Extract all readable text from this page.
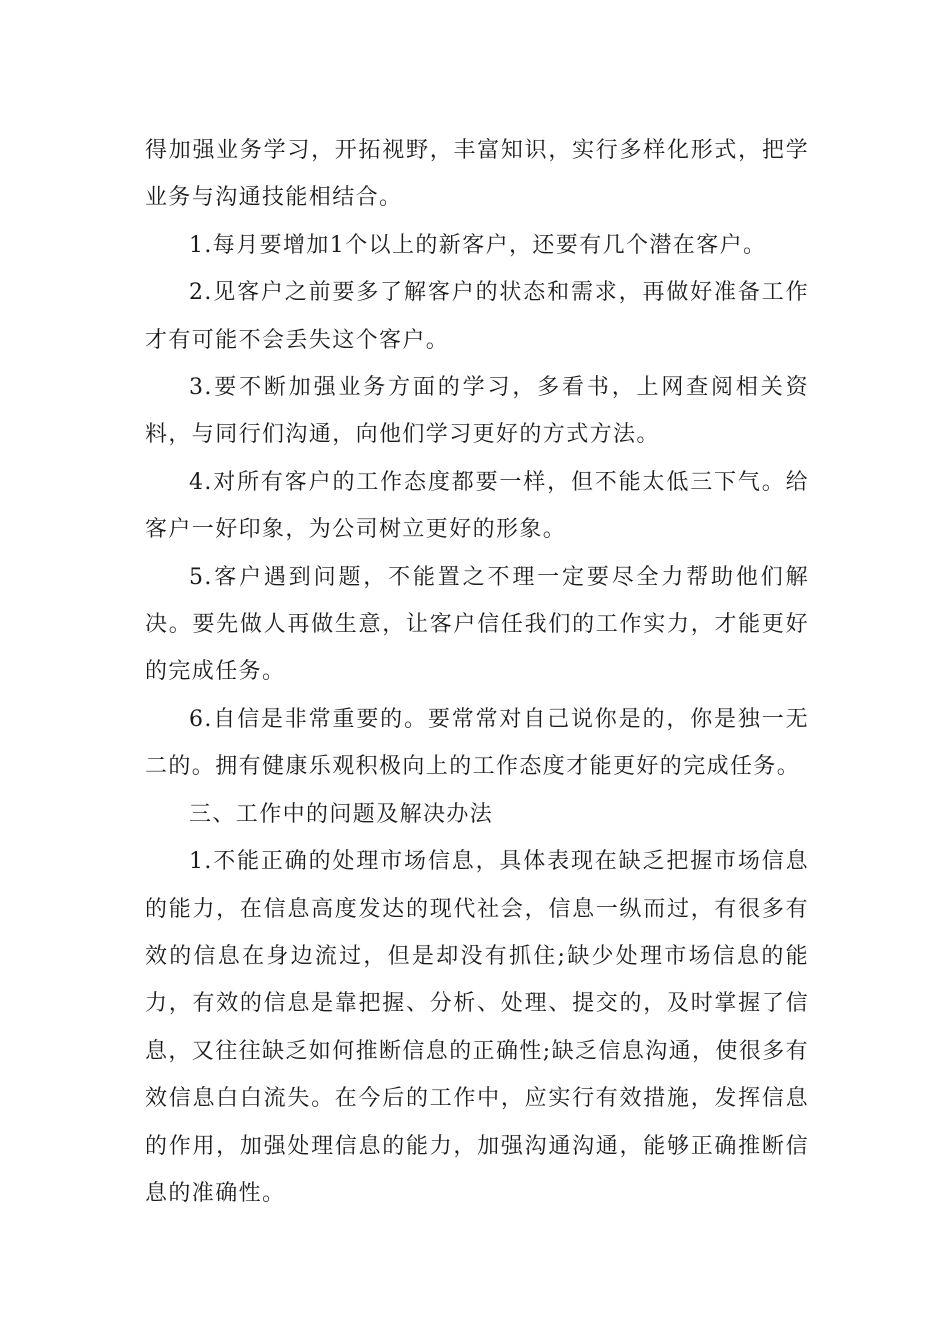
得加强业务学习，开拓视野，丰富知识，实行多样化形式，把学业务与沟通技能相结合。

1.每月要增加1个以上的新客户，还要有几个潜在客户。

2.见客户之前要多了解客户的状态和需求，再做好准备工作才有可能不会丢失这个客户。

3.要不断加强业务方面的学习，多看书，上网查阅相关资料，与同行们沟通，向他们学习更好的方式方法。

4.对所有客户的工作态度都要一样，但不能太低三下气。给客户一好印象，为公司树立更好的形象。

5.客户遇到问题，不能置之不理一定要尽全力帮助他们解决。要先做人再做生意，让客户信任我们的工作实力，才能更好的完成任务。

6.自信是非常重要的。要常常对自己说你是的，你是独一无二的。拥有健康乐观积极向上的工作态度才能更好的完成任务。

三、工作中的问题及解决办法

1.不能正确的处理市场信息，具体表现在缺乏把握市场信息的能力，在信息高度发达的现代社会，信息一纵而过，有很多有效的信息在身边流过，但是却没有抓住;缺少处理市场信息的能力，有效的信息是靠把握、分析、处理、提交的，及时掌握了信息，又往往缺乏如何推断信息的正确性;缺乏信息沟通，使很多有效信息白白流失。在今后的工作中，应实行有效措施，发挥信息的作用，加强处理信息的能力，加强沟通沟通，能够正确推断信息的准确性。
